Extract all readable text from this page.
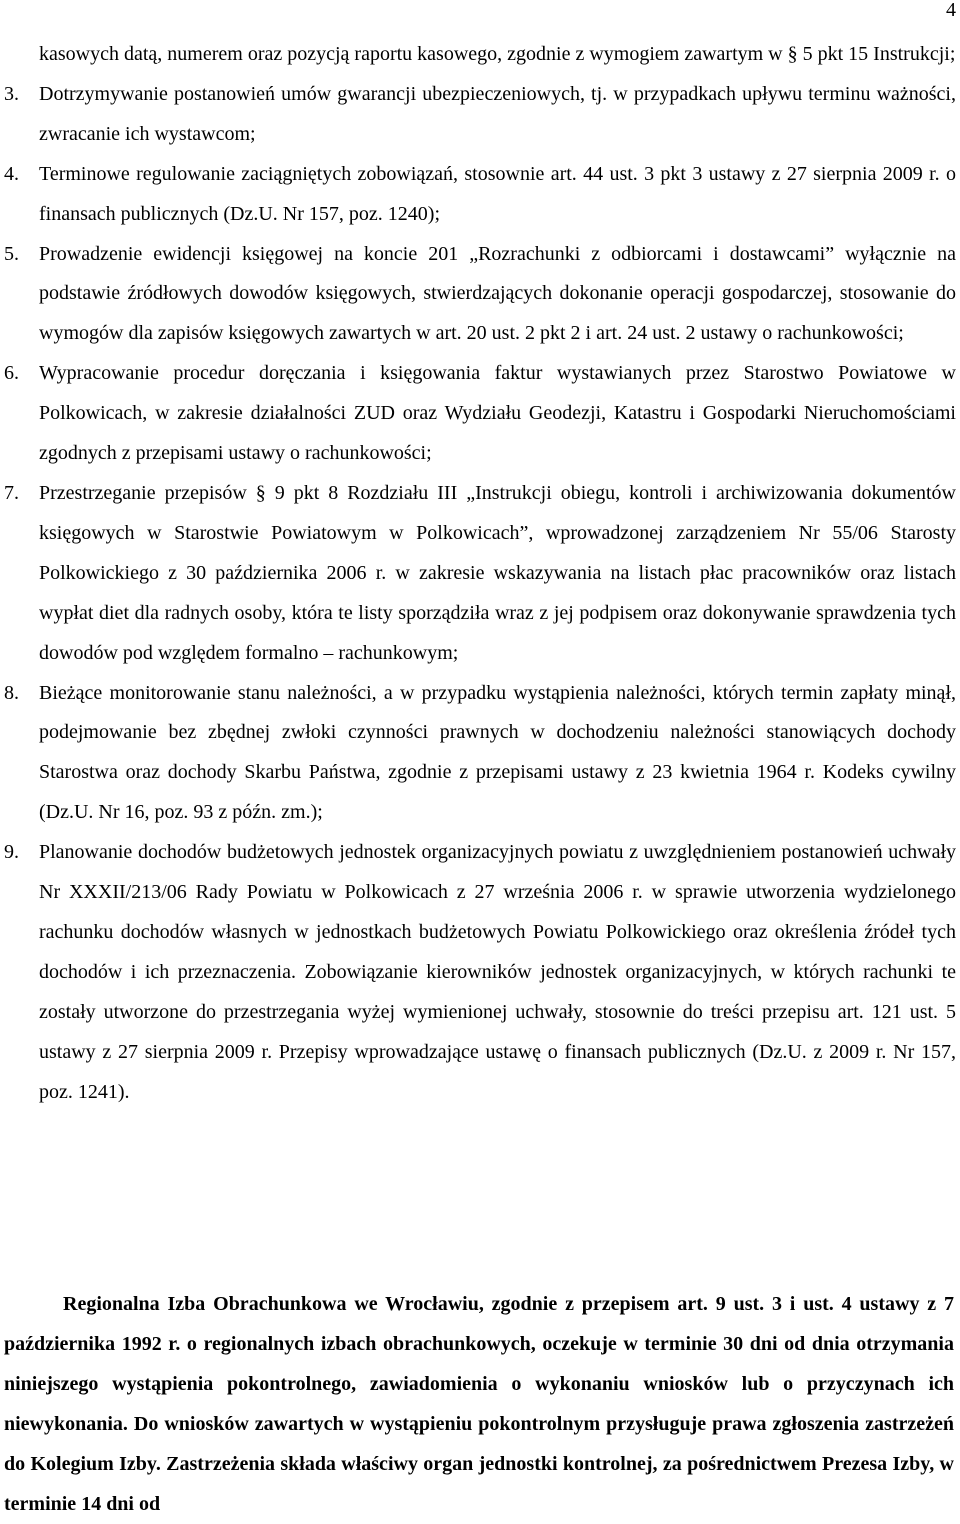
4
kasowych datą, numerem oraz pozycją raportu kasowego, zgodnie z wymogiem zawartym w § 5 pkt 15 Instrukcji;
3. Dotrzymywanie postanowień umów gwarancji ubezpieczeniowych, tj. w przypadkach upływu terminu ważności, zwracanie ich wystawcom;
4. Terminowe regulowanie zaciągniętych zobowiązań, stosownie art. 44 ust. 3 pkt 3 ustawy z 27 sierpnia 2009 r. o finansach publicznych (Dz.U. Nr 157, poz. 1240);
5. Prowadzenie ewidencji księgowej na koncie 201 „Rozrachunki z odbiorcami i dostawcami” wyłącznie na podstawie źródłowych dowodów księgowych, stwierdzających dokonanie operacji gospodarczej, stosowanie do wymogów dla zapisów księgowych zawartych w art. 20 ust. 2 pkt 2 i art. 24 ust. 2 ustawy o rachunkowości;
6. Wypracowanie procedur doręczania i księgowania faktur wystawianych przez Starostwo Powiatowe w Polkowicach, w zakresie działalności ZUD oraz Wydziału Geodezji, Katastru i Gospodarki Nieruchomościami zgodnych z przepisami ustawy o rachunkowości;
7. Przestrzeganie przepisów § 9 pkt 8 Rozdziału III „Instrukcji obiegu, kontroli i archiwizowania dokumentów księgowych w Starostwie Powiatowym w Polkowicach”, wprowadzonej zarządzeniem Nr 55/06 Starosty Polkowickiego z 30 października 2006 r. w zakresie wskazywania na listach płac pracowników oraz listach wypłat diet dla radnych osoby, która te listy sporządziła wraz z jej podpisem oraz dokonywanie sprawdzenia tych dowodów pod względem formalno – rachunkowym;
8. Bieżące monitorowanie stanu należności, a w przypadku wystąpienia należności, których termin zapłaty minął, podejmowanie bez zbędnej zwłoki czynności prawnych w dochodzeniu należności stanowiących dochody Starostwa oraz dochody Skarbu Państwa, zgodnie z przepisami ustawy z 23 kwietnia 1964 r. Kodeks cywilny (Dz.U. Nr 16, poz. 93 z późn. zm.);
9. Planowanie dochodów budżetowych jednostek organizacyjnych powiatu z uwzględnieniem postanowień uchwały Nr XXXII/213/06 Rady Powiatu w Polkowicach z 27 września 2006 r. w sprawie utworzenia wydzielonego rachunku dochodów własnych w jednostkach budżetowych Powiatu Polkowickiego oraz określenia źródeł tych dochodów i ich przeznaczenia. Zobowiązanie kierowników jednostek organizacyjnych, w których rachunki te zostały utworzone do przestrzegania wyżej wymienionej uchwały, stosownie do treści przepisu art. 121 ust. 5 ustawy z 27 sierpnia 2009 r. Przepisy wprowadzające ustawę o finansach publicznych (Dz.U. z 2009 r. Nr 157, poz. 1241).

Regionalna Izba Obrachunkowa we Wrocławiu, zgodnie z przepisem art. 9 ust. 3 i ust. 4 ustawy z 7 października 1992 r. o regionalnych izbach obrachunkowych, oczekuje w terminie 30 dni od dnia otrzymania niniejszego wystąpienia pokontrolnego, zawiadomienia o wykonaniu wniosków lub o przyczynach ich niewykonania. Do wniosków zawartych w wystąpieniu pokontrolnym przysługuje prawa zgłoszenia zastrzeżeń do Kolegium Izby. Zastrzeżenia składa właściwy organ jednostki kontrolnej, za pośrednictwem Prezesa Izby, w terminie 14 dni od
